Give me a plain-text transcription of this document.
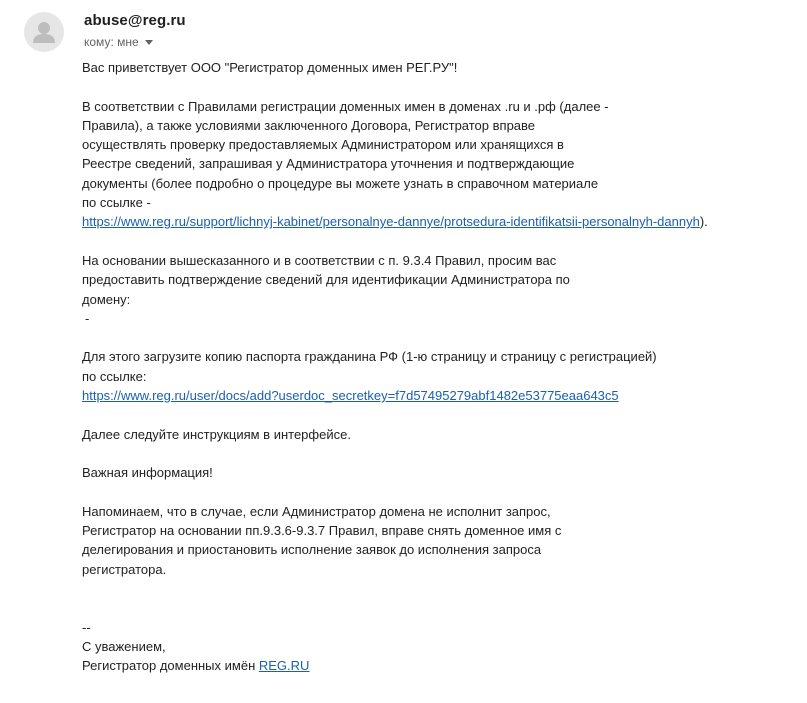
abuse@reg.ru
кому: мне
Вас приветствует ООО "Регистратор доменных имен РЕГ.РУ"!
В соответствии с Правилами регистрации доменных имен в доменах .ru и .рф (далее -
Правила), а также условиями заключенного Договора, Регистратор вправе
осуществлять проверку предоставляемых Администратором или хранящихся в
Реестре сведений, запрашивая у Администратора уточнения и подтверждающие
документы (более подробно о процедуре вы можете узнать в справочном материале
по ссылке -
https://www.reg.ru/support/lichnyj-kabinet/personalnye-dannye/protsedura-identifikatsii-personalnyh-dannyh).
На основании вышесказанного и в соответствии с п. 9.3.4 Правил, просим вас
предоставить подтверждение сведений для идентификации Администратора по
домену:
-
Для этого загрузите копию паспорта гражданина РФ (1-ю страницу и страницу с регистрацией)
по ссылке:
https://www.reg.ru/user/docs/add?userdoc_secretkey=f7d57495279abf1482e53775eaa643c5
Далее следуйте инструкциям в интерфейсе.
Важная информация!
Напоминаем, что в случае, если Администратор домена не исполнит запрос,
Регистратор на основании пп.9.3.6-9.3.7 Правил, вправе снять доменное имя с
делегирования и приостановить исполнение заявок до исполнения запроса
регистратора.
--
С уважением,
Регистратор доменных имён REG.RU
